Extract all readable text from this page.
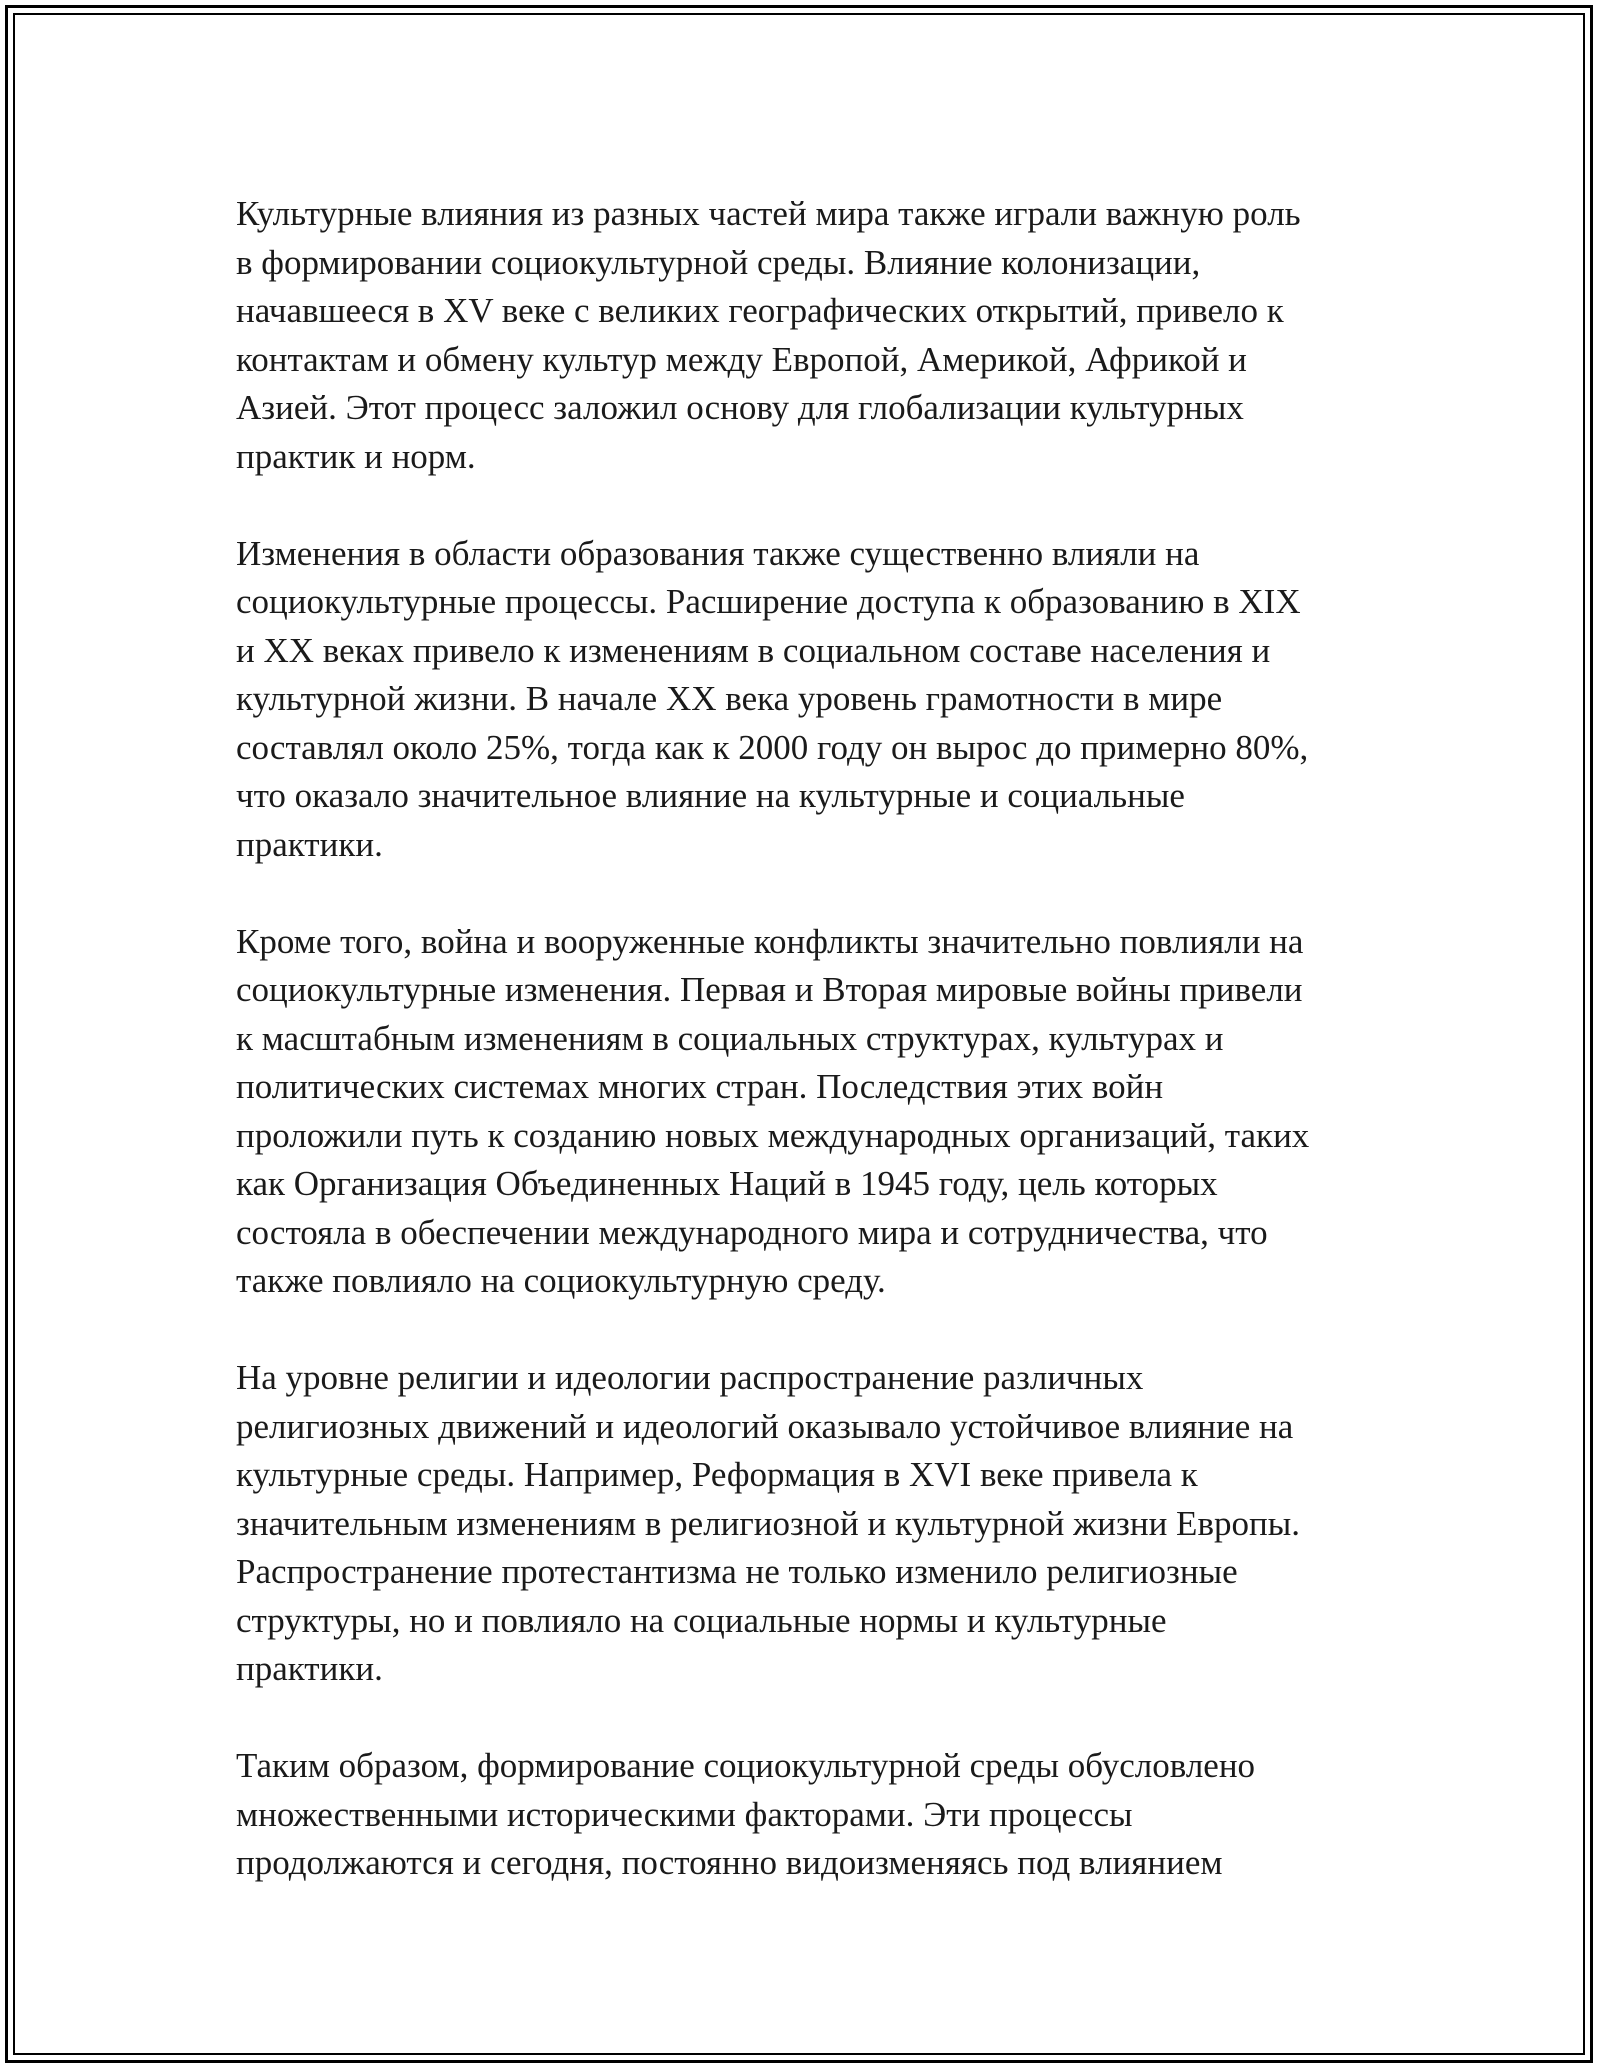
Культурные влияния из разных частей мира также играли важную роль
в формировании социокультурной среды. Влияние колонизации,
начавшееся в XV веке с великих географических открытий, привело к
контактам и обмену культур между Европой, Америкой, Африкой и
Азией. Этот процесс заложил основу для глобализации культурных
практик и норм.
Изменения в области образования также существенно влияли на
социокультурные процессы. Расширение доступа к образованию в XIX
и XX веках привело к изменениям в социальном составе населения и
культурной жизни. В начале XX века уровень грамотности в мире
составлял около 25%, тогда как к 2000 году он вырос до примерно 80%,
что оказало значительное влияние на культурные и социальные
практики.
Кроме того, война и вооруженные конфликты значительно повлияли на
социокультурные изменения. Первая и Вторая мировые войны привели
к масштабным изменениям в социальных структурах, культурах и
политических системах многих стран. Последствия этих войн
проложили путь к созданию новых международных организаций, таких
как Организация Объединенных Наций в 1945 году, цель которых
состояла в обеспечении международного мира и сотрудничества, что
также повлияло на социокультурную среду.
На уровне религии и идеологии распространение различных
религиозных движений и идеологий оказывало устойчивое влияние на
культурные среды. Например, Реформация в XVI веке привела к
значительным изменениям в религиозной и культурной жизни Европы.
Распространение протестантизма не только изменило религиозные
структуры, но и повлияло на социальные нормы и культурные
практики.
Таким образом, формирование социокультурной среды обусловлено
множественными историческими факторами. Эти процессы
продолжаются и сегодня, постоянно видоизменяясь под влиянием
